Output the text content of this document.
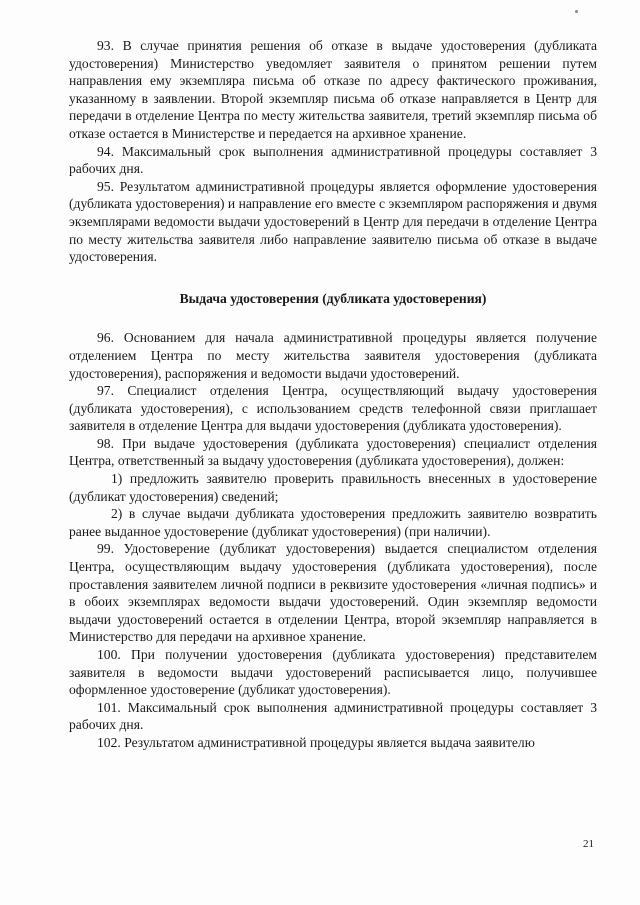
93. В случае принятия решения об отказе в выдаче удостоверения (дубликата удостоверения) Министерство уведомляет заявителя о принятом решении путем направления ему экземпляра письма об отказе по адресу фактического проживания, указанному в заявлении. Второй экземпляр письма об отказе направляется в Центр для передачи в отделение Центра по месту жительства заявителя, третий экземпляр письма об отказе остается в Министерстве и передается на архивное хранение.

94. Максимальный срок выполнения административной процедуры составляет 3 рабочих дня.

95. Результатом административной процедуры является оформление удостоверения (дубликата удостоверения) и направление его вместе с экземпляром распоряжения и двумя экземплярами ведомости выдачи удостоверений в Центр для передачи в отделение Центра по месту жительства заявителя либо направление заявителю письма об отказе в выдаче удостоверения.

Выдача удостоверения (дубликата удостоверения)

96. Основанием для начала административной процедуры является получение отделением Центра по месту жительства заявителя удостоверения (дубликата удостоверения), распоряжения и ведомости выдачи удостоверений.

97. Специалист отделения Центра, осуществляющий выдачу удостоверения (дубликата удостоверения), с использованием средств телефонной связи приглашает заявителя в отделение Центра для выдачи удостоверения (дубликата удостоверения).

98. При выдаче удостоверения (дубликата удостоверения) специалист отделения Центра, ответственный за выдачу удостоверения (дубликата удостоверения), должен:

1) предложить заявителю проверить правильность внесенных в удостоверение (дубликат удостоверения) сведений;

2) в случае выдачи дубликата удостоверения предложить заявителю возвратить ранее выданное удостоверение (дубликат удостоверения) (при наличии).

99. Удостоверение (дубликат удостоверения) выдается специалистом отделения Центра, осуществляющим выдачу удостоверения (дубликата удостоверения), после проставления заявителем личной подписи в реквизите удостоверения «личная подпись» и в обоих экземплярах ведомости выдачи удостоверений. Один экземпляр ведомости выдачи удостоверений остается в отделении Центра, второй экземпляр направляется в Министерство для передачи на архивное хранение.

100. При получении удостоверения (дубликата удостоверения) представителем заявителя в ведомости выдачи удостоверений расписывается лицо, получившее оформленное удостоверение (дубликат удостоверения).

101. Максимальный срок выполнения административной процедуры составляет 3 рабочих дня.

102. Результатом административной процедуры является выдача заявителю

21
